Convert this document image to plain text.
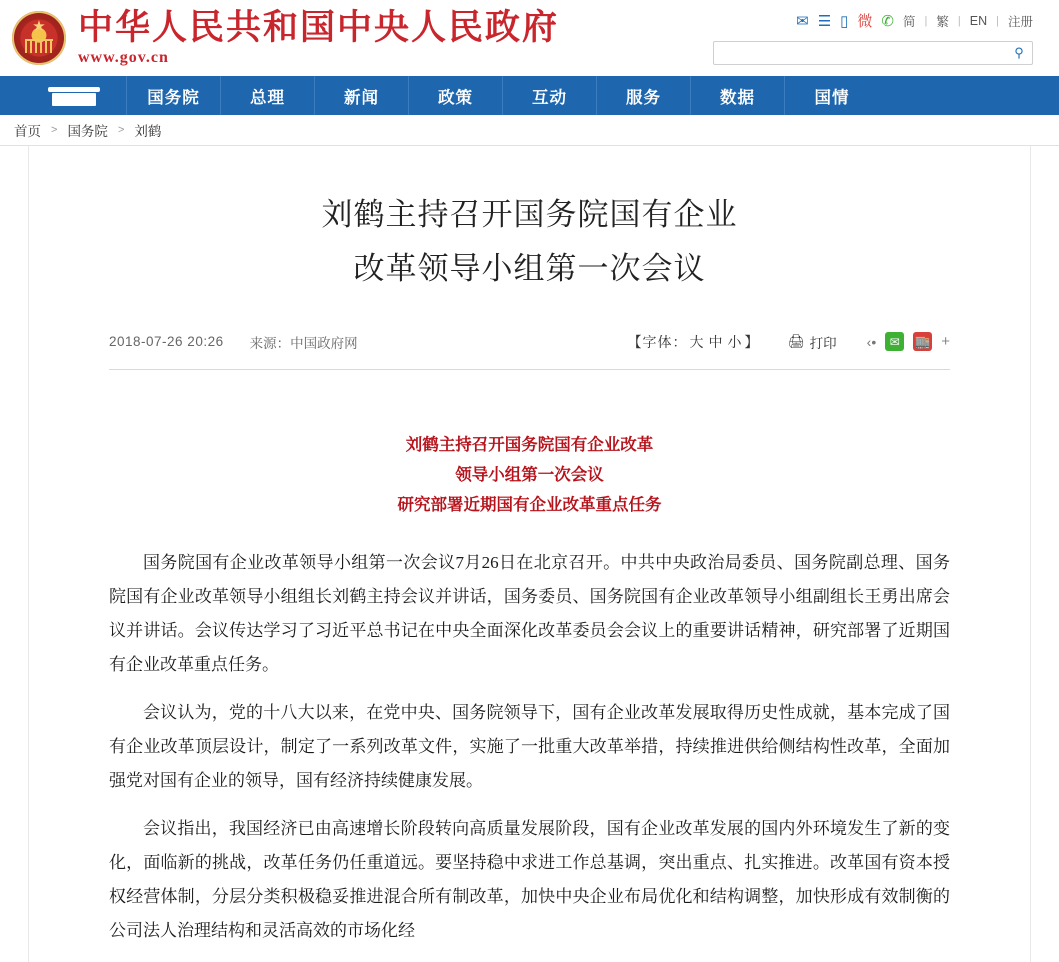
★
中华人民共和国中央人民政府
www.gov.cn
✉ ☰ ▯ 微 ✆ 简 | 繁 | EN | 注册
⚲
国务院	总理	新闻	政策	互动	服务	数据	国情
首页 > 国务院 > 刘鹤
刘鹤主持召开国务院国有企业
改革领导小组第一次会议
2018-07-26 20:26 来源： 中国政府网	【字体： 大 中 小 】 🖨 打印 ‹•	✉	🏬 +
刘鹤主持召开国务院国有企业改革
领导小组第一次会议
研究部署近期国有企业改革重点任务

国务院国有企业改革领导小组第一次会议7月26日在北京召开。中共中央政治局委员、国务院副总理、国务院国有企业改革领导小组组长刘鹤主持会议并讲话，国务委员、国务院国有企业改革领导小组副组长王勇出席会议并讲话。会议传达学习了习近平总书记在中央全面深化改革委员会会议上的重要讲话精神，研究部署了近期国有企业改革重点任务。

会议认为，党的十八大以来，在党中央、国务院领导下，国有企业改革发展取得历史性成就，基本完成了国有企业改革顶层设计，制定了一系列改革文件，实施了一批重大改革举措，持续推进供给侧结构性改革，全面加强党对国有企业的领导，国有经济持续健康发展。

会议指出，我国经济已由高速增长阶段转向高质量发展阶段，国有企业改革发展的国内外环境发生了新的变化，面临新的挑战，改革任务仍任重道远。要坚持稳中求进工作总基调，突出重点、扎实推进。改革国有资本授权经营体制，分层分类积极稳妥推进混合所有制改革，加快中央企业布局优化和结构调整，加快形成有效制衡的公司法人治理结构和灵活高效的市场化经
